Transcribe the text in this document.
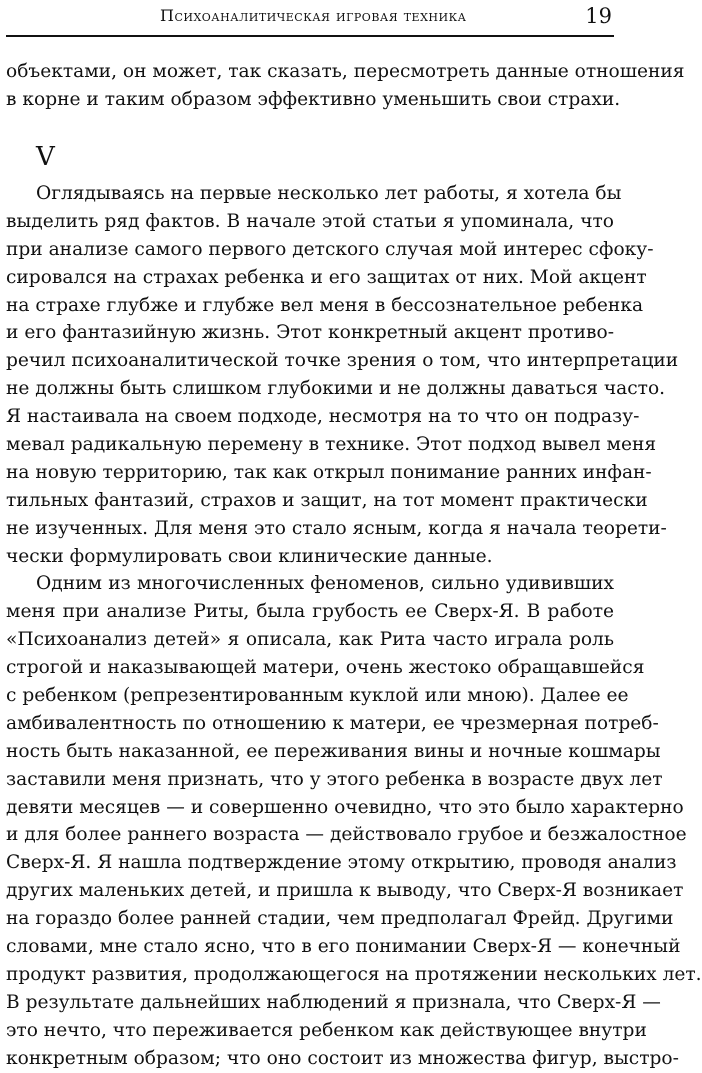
Психоаналитическая игровая техника	19
объектами, он может, так сказать, пересмотреть данные отношения
в корне и таким образом эффективно уменьшить свои страхи.
V
Оглядываясь на первые несколько лет работы, я хотела бы
выделить ряд фактов. В начале этой статьи я упоминала, что
при анализе самого первого детского случая мой интерес сфоку-
сировался на страхах ребенка и его защитах от них. Мой акцент
на страхе глубже и глубже вел меня в бессознательное ребенка
и его фантазийную жизнь. Этот конкретный акцент противо-
речил психоаналитической точке зрения о том, что интерпретации
не должны быть слишком глубокими и не должны даваться часто.
Я настаивала на своем подходе, несмотря на то что он подразу-
мевал радикальную перемену в технике. Этот подход вывел меня
на новую территорию, так как открыл понимание ранних инфан-
тильных фантазий, страхов и защит, на тот момент практически
не изученных. Для меня это стало ясным, когда я начала теорети-
чески формулировать свои клинические данные.
Одним из многочисленных феноменов, сильно удививших
меня при анализе Риты, была грубость ее Сверх-Я. В работе
«Психоанализ детей» я описала, как Рита часто играла роль
строгой и наказывающей матери, очень жестоко обращавшейся
с ребенком (репрезентированным куклой или мною). Далее ее
амбивалентность по отношению к матери, ее чрезмерная потреб-
ность быть наказанной, ее переживания вины и ночные кошмары
заставили меня признать, что у этого ребенка в возрасте двух лет
девяти месяцев — и совершенно очевидно, что это было характерно
и для более раннего возраста — действовало грубое и безжалостное
Сверх-Я. Я нашла подтверждение этому открытию, проводя анализ
других маленьких детей, и пришла к выводу, что Сверх-Я возникает
на гораздо более ранней стадии, чем предполагал Фрейд. Другими
словами, мне стало ясно, что в его понимании Сверх-Я — конечный
продукт развития, продолжающегося на протяжении нескольких лет.
В результате дальнейших наблюдений я признала, что Сверх-Я —
это нечто, что переживается ребенком как действующее внутри
конкретным образом; что оно состоит из множества фигур, выстро-
